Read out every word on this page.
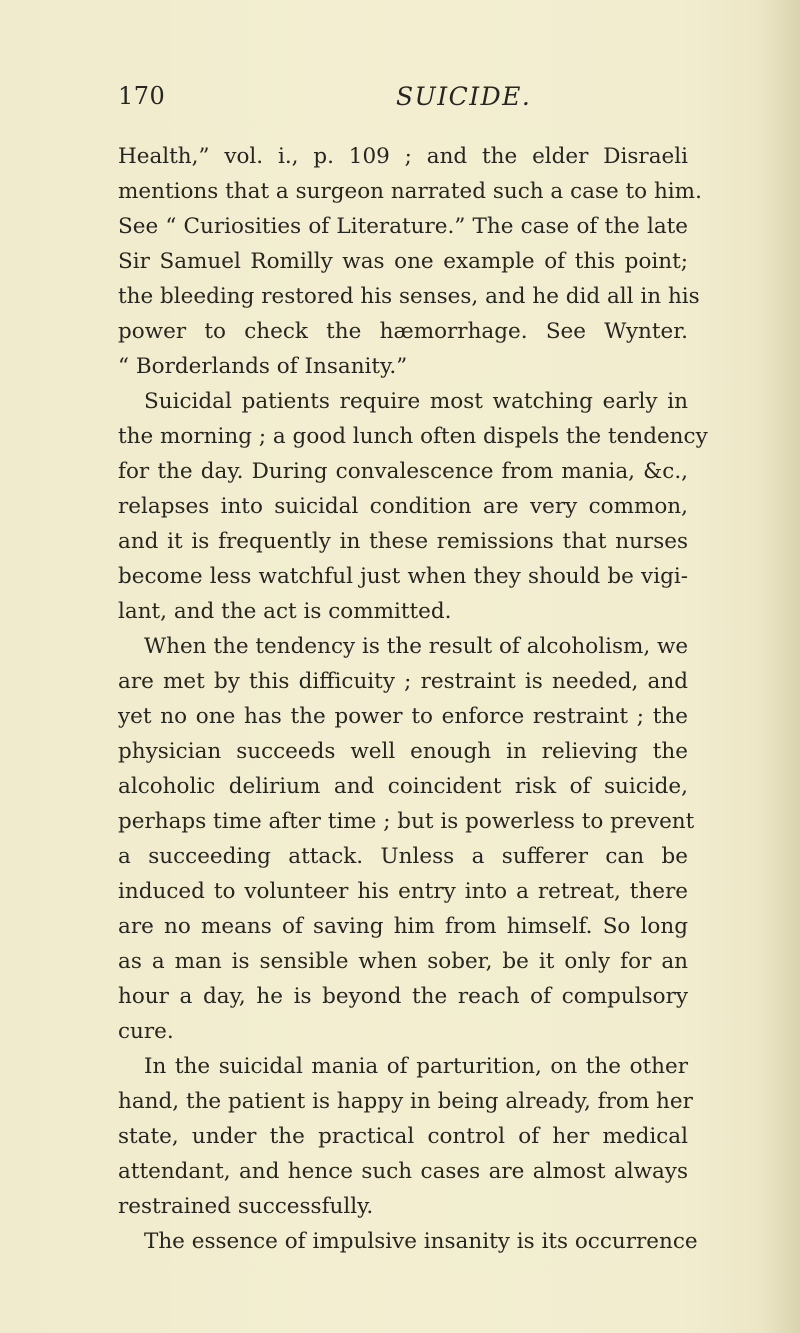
170	SUICIDE.
Health,” vol. i., p. 109 ; and the elder Disraeli
mentions that a surgeon narrated such a case to him.
See “ Curiosities of Literature.” The case of the late
Sir Samuel Romilly was one example of this point;
the bleeding restored his senses, and he did all in his
power to check the hæmorrhage. See Wynter.
“ Borderlands of Insanity.”
Suicidal patients require most watching early in
the morning ; a good lunch often dispels the tendency
for the day. During convalescence from mania, &c.,
relapses into suicidal condition are very common,
and it is frequently in these remissions that nurses
become less watchful just when they should be vigi-
lant, and the act is committed.
When the tendency is the result of alcoholism, we
are met by this difficuity ; restraint is needed, and
yet no one has the power to enforce restraint ; the
physician succeeds well enough in relieving the
alcoholic delirium and coincident risk of suicide,
perhaps time after time ; but is powerless to prevent
a succeeding attack. Unless a sufferer can be
induced to volunteer his entry into a retreat, there
are no means of saving him from himself. So long
as a man is sensible when sober, be it only for an
hour a day, he is beyond the reach of compulsory
cure.
In the suicidal mania of parturition, on the other
hand, the patient is happy in being already, from her
state, under the practical control of her medical
attendant, and hence such cases are almost always
restrained successfully.
The essence of impulsive insanity is its occurrence
